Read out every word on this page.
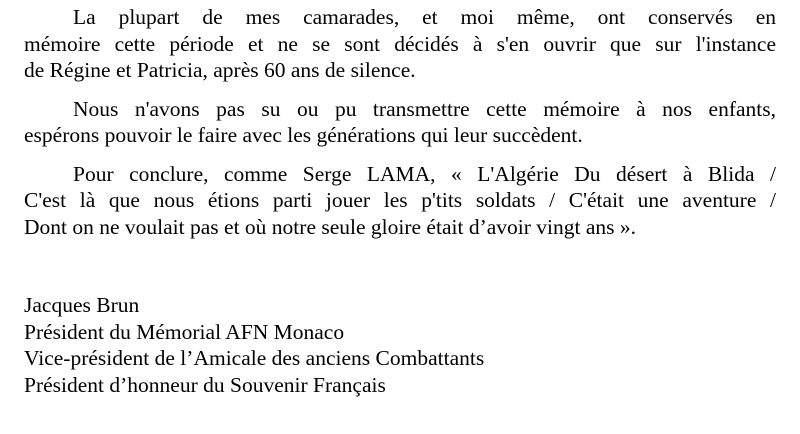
La plupart de mes camarades, et moi même, ont conservés en
mémoire cette période et ne se sont décidés à s'en ouvrir que sur l'instance
de Régine et Patricia, après 60 ans de silence.
Nous n'avons pas su ou pu transmettre cette mémoire à nos enfants,
espérons pouvoir le faire avec les générations qui leur succèdent.
Pour conclure, comme Serge LAMA, « L'Algérie Du désert à Blida /
C'est là que nous étions parti jouer les p'tits soldats / C'était une aventure /
Dont on ne voulait pas et où notre seule gloire était d’avoir vingt ans ».
Jacques Brun
Président du Mémorial AFN Monaco
Vice-président de l’Amicale des anciens Combattants
Président d’honneur du Souvenir Français
